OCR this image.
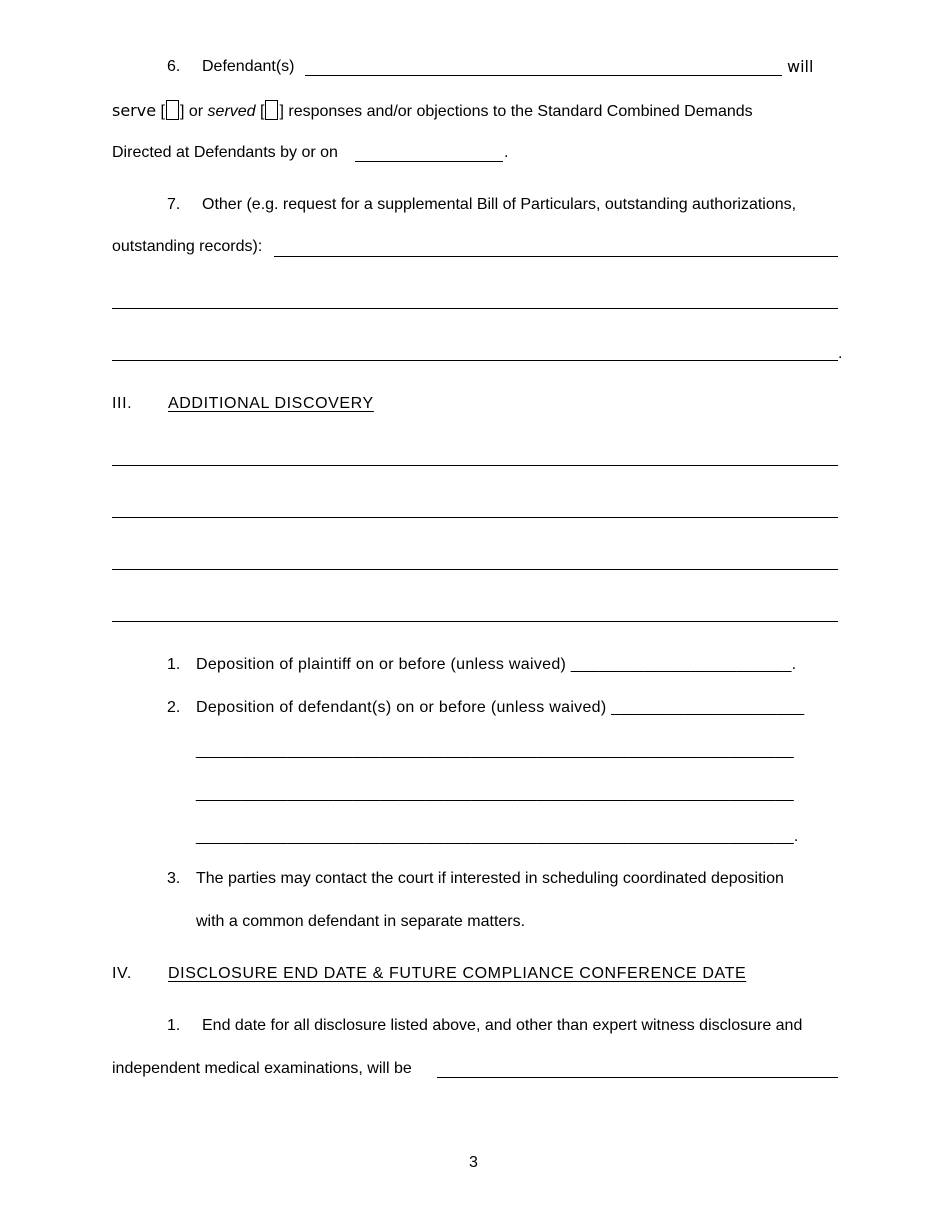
6. Defendant(s)	will
serve [ ] or served [ ] responses and/or objections to the Standard Combined Demands
Directed at Defendants by or on	.
7. Other (e.g. request for a supplemental Bill of Particulars, outstanding authorizations,
outstanding records):
.
III. ADDITIONAL DISCOVERY
1. Deposition of plaintiff on or before (unless waived) ________________________.
2. Deposition of defendant(s) on or before (unless waived) _____________________
_________________________________________________________________
_________________________________________________________________
_________________________________________________________________.
3. The parties may contact the court if interested in scheduling coordinated deposition
with a common defendant in separate matters.
IV. DISCLOSURE END DATE & FUTURE COMPLIANCE CONFERENCE DATE
1. End date for all disclosure listed above, and other than expert witness disclosure and
independent medical examinations, will be
3
